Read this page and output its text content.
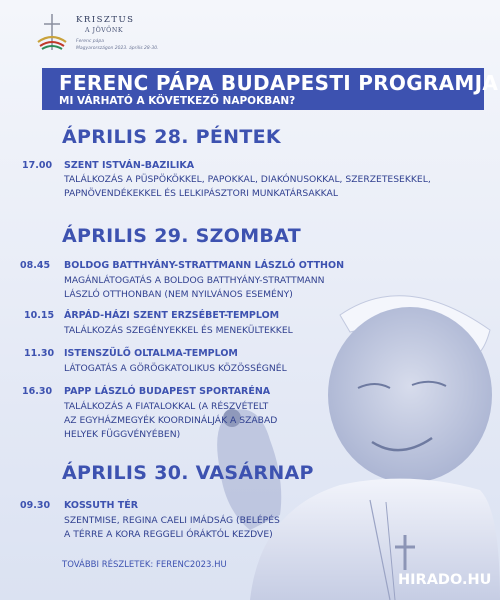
KRISZTUS
A JÖVŐNK
Ferenc pápa
Magyarországon 2023. április 28-30.
FERENC PÁPA BUDAPESTI PROGRAMJA
MI VÁRHATÓ A KÖVETKEZŐ NAPOKBAN?
ÁPRILIS 28. PÉNTEK
17.00 SZENT ISTVÁN-BAZILIKA
TALÁLKOZÁS A PÜSPÖKÖKKEL, PAPOKKAL, DIAKÓNUSOKKAL, SZERZETESEKKEL,
PAPNÖVENDÉKEKKEL ÉS LELKIPÁSZTORI MUNKATÁRSAKKAL
ÁPRILIS 29. SZOMBAT
08.45 BOLDOG BATTHYÁNY-STRATTMANN LÁSZLÓ OTTHON
MAGÁNLÁTOGATÁS A BOLDOG BATTHYÁNY-STRATTMANN
LÁSZLÓ OTTHONBAN (NEM NYILVÁNOS ESEMÉNY)
10.15 ÁRPÁD-HÁZI SZENT ERZSÉBET-TEMPLOM
TALÁLKOZÁS SZEGÉNYEKKEL ÉS MENEKÜLTEKKEL
11.30 ISTENSZÜLŐ OLTALMA-TEMPLOM
LÁTOGATÁS A GÖRÖGKATOLIKUS KÖZÖSSÉGNÉL
16.30 PAPP LÁSZLÓ BUDAPEST SPORTARÉNA
TALÁLKOZÁS A FIATALOKKAL (A RÉSZVÉTELT
AZ EGYHÁZMEGYÉK KOORDINÁLJÁK A SZABAD
HELYEK FÜGGVÉNYÉBEN)
ÁPRILIS 30. VASÁRNAP
09.30 KOSSUTH TÉR
SZENTMISE, REGINA CAELI IMÁDSÁG (BELÉPÉS
A TÉRRE A KORA REGGELI ÓRÁKTÓL KEZDVE)
TOVÁBBI RÉSZLETEK: FERENC2023.HU
HIRADO.HU
